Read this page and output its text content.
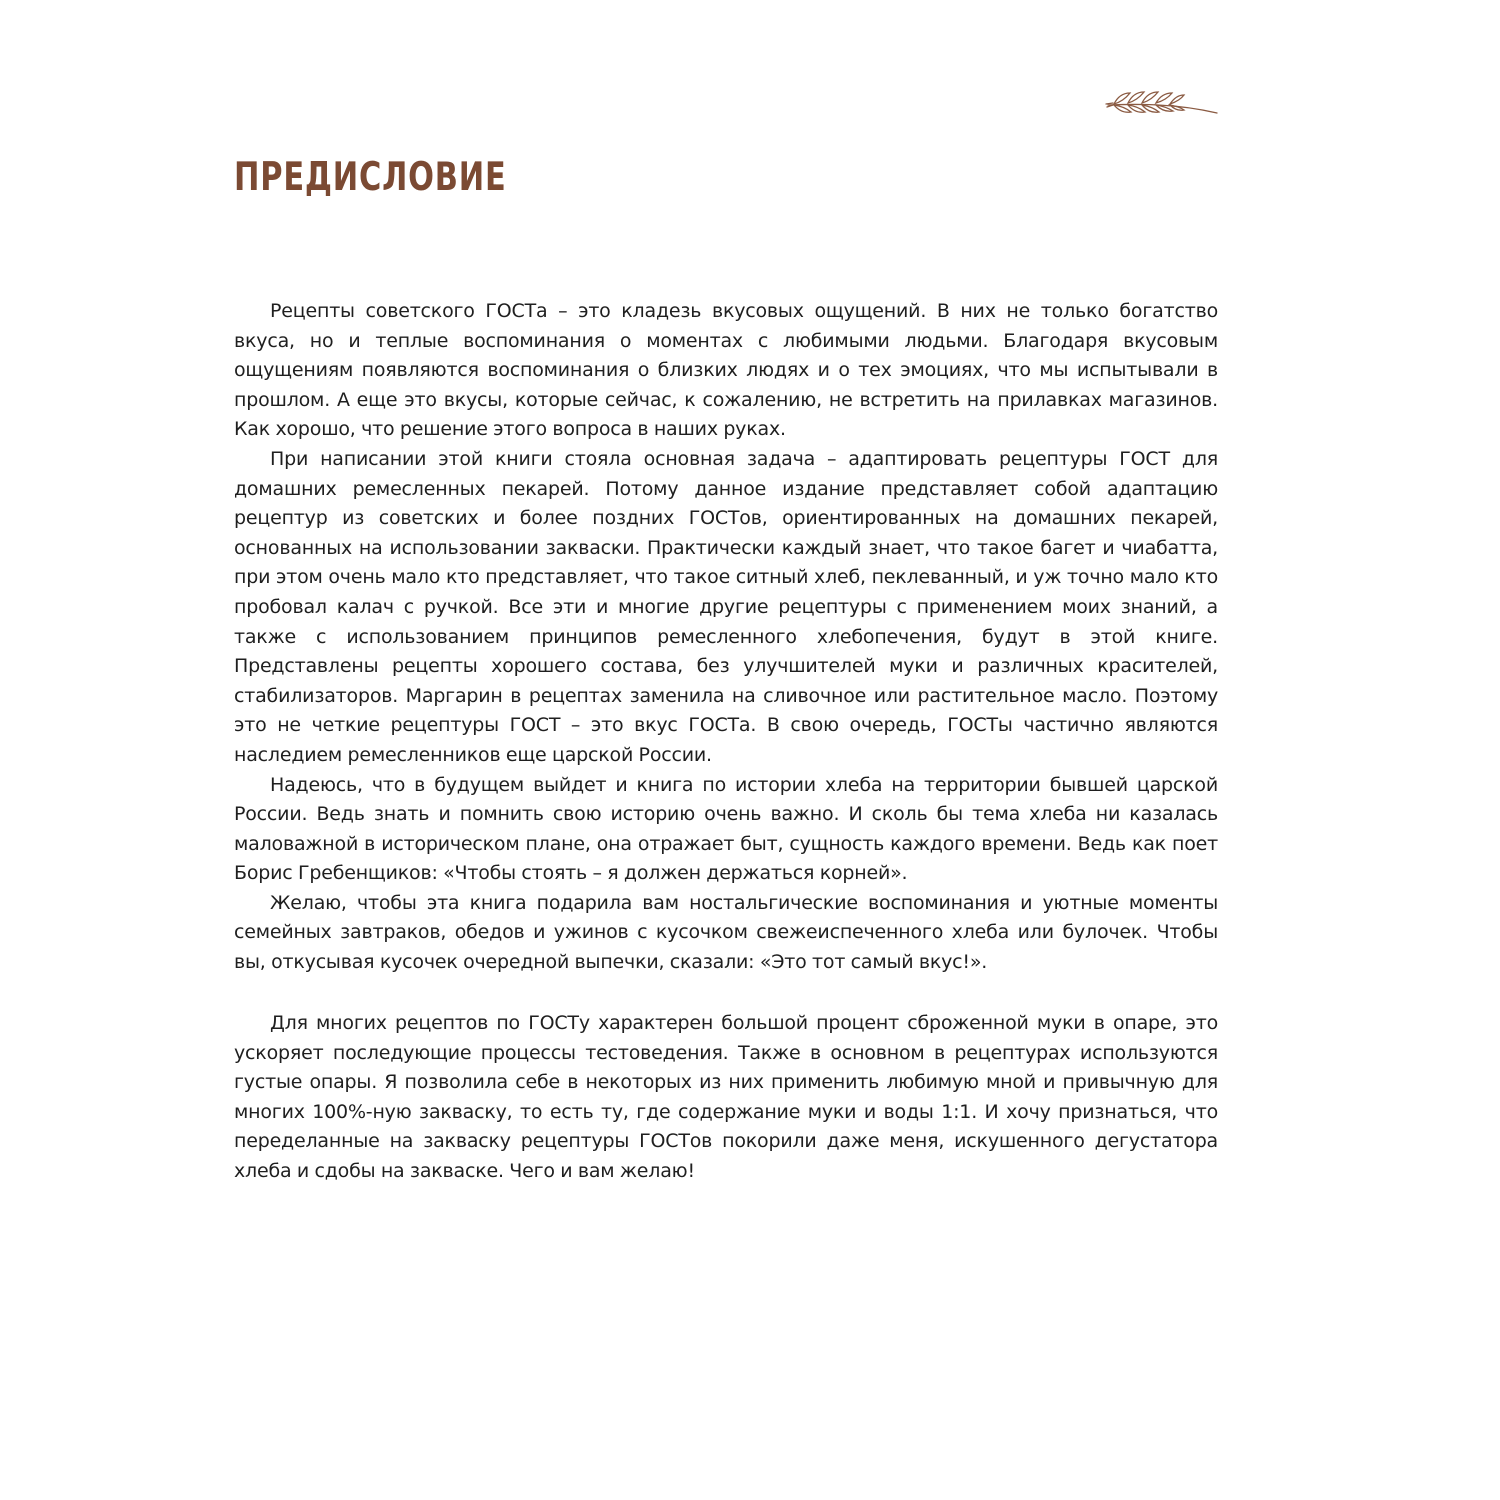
ПРЕДИСЛОВИЕ

Рецепты советского ГОСТа – это кладезь вкусовых ощущений. В них не только богатство вкуса, но и теплые воспоминания о моментах с любимыми людьми. Благодаря вкусовым ощущениям появляются воспоминания о близких людях и о тех эмоциях, что мы испытывали в прошлом. А еще это вкусы, которые сейчас, к сожалению, не встретить на прилавках магазинов. Как хорошо, что решение этого вопроса в наших руках.

При написании этой книги стояла основная задача – адаптировать рецептуры ГОСТ для домашних ремесленных пекарей. Потому данное издание представляет собой адаптацию рецептур из советских и более поздних ГОСТов, ориентированных на домашних пекарей, основанных на использовании закваски. Практически каждый знает, что такое багет и чиабатта, при этом очень мало кто представляет, что такое ситный хлеб, пеклеванный, и уж точно мало кто пробовал калач с ручкой. Все эти и многие другие рецептуры с применением моих знаний, а также с использованием принципов ремесленного хлебопечения, будут в этой книге. Представлены рецепты хорошего состава, без улучшителей муки и различных красителей, стабилизаторов. Маргарин в рецептах заменила на сливочное или растительное масло. Поэтому это не четкие рецептуры ГОСТ – это вкус ГОСТа. В свою очередь, ГОСТы частично являются наследием ремесленников еще царской России.

Надеюсь, что в будущем выйдет и книга по истории хлеба на территории бывшей царской России. Ведь знать и помнить свою историю очень важно. И сколь бы тема хлеба ни казалась маловажной в историческом плане, она отражает быт, сущность каждого времени. Ведь как поет Борис Гребенщиков: «Чтобы стоять – я должен держаться корней».

Желаю, чтобы эта книга подарила вам ностальгические воспоминания и уютные моменты семейных завтраков, обедов и ужинов с кусочком свежеиспеченного хлеба или булочек. Чтобы вы, откусывая кусочек очередной выпечки, сказали: «Это тот самый вкус!».

Для многих рецептов по ГОСТу характерен большой процент сброженной муки в опаре, это ускоряет последующие процессы тестоведения. Также в основном в рецептурах используются густые опары. Я позволила себе в некоторых из них применить любимую мной и привычную для многих 100%-ную закваску, то есть ту, где содержание муки и воды 1:1. И хочу признаться, что переделанные на закваску рецептуры ГОСТов покорили даже меня, искушенного дегустатора хлеба и сдобы на закваске. Чего и вам желаю!
